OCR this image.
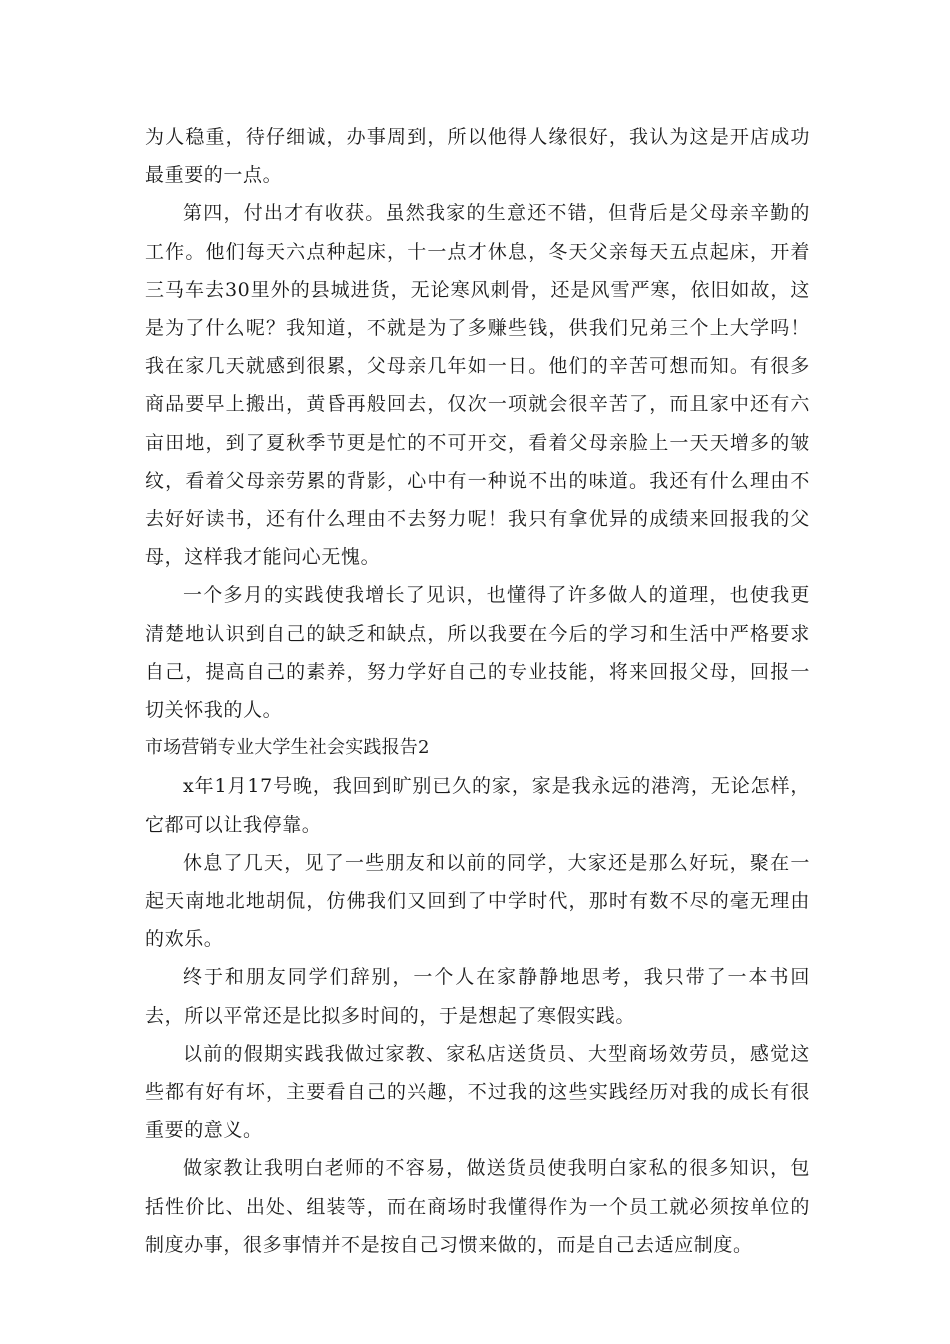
为人稳重，待仔细诚，办事周到，所以他得人缘很好，我认为这是开店成功最重要的一点。

第四，付出才有收获。虽然我家的生意还不错，但背后是父母亲辛勤的工作。他们每天六点种起床，十一点才休息，冬天父亲每天五点起床，开着三马车去30里外的县城进货，无论寒风刺骨，还是风雪严寒，依旧如故，这是为了什么呢？我知道，不就是为了多赚些钱，供我们兄弟三个上大学吗！我在家几天就感到很累，父母亲几年如一日。他们的辛苦可想而知。有很多商品要早上搬出，黄昏再般回去，仅次一项就会很辛苦了，而且家中还有六亩田地，到了夏秋季节更是忙的不可开交，看着父母亲脸上一天天增多的皱纹，看着父母亲劳累的背影，心中有一种说不出的味道。我还有什么理由不去好好读书，还有什么理由不去努力呢！我只有拿优异的成绩来回报我的父母，这样我才能问心无愧。

一个多月的实践使我增长了见识，也懂得了许多做人的道理，也使我更清楚地认识到自己的缺乏和缺点，所以我要在今后的学习和生活中严格要求自己，提高自己的素养，努力学好自己的专业技能，将来回报父母，回报一切关怀我的人。

市场营销专业大学生社会实践报告2

x年1月17号晚，我回到旷别已久的家，家是我永远的港湾，无论怎样，它都可以让我停靠。

休息了几天，见了一些朋友和以前的同学，大家还是那么好玩，聚在一起天南地北地胡侃，仿佛我们又回到了中学时代，那时有数不尽的毫无理由的欢乐。

终于和朋友同学们辞别，一个人在家静静地思考，我只带了一本书回去，所以平常还是比拟多时间的，于是想起了寒假实践。

以前的假期实践我做过家教、家私店送货员、大型商场效劳员，感觉这些都有好有坏，主要看自己的兴趣，不过我的这些实践经历对我的成长有很重要的意义。

做家教让我明白老师的不容易，做送货员使我明白家私的很多知识，包括性价比、出处、组装等，而在商场时我懂得作为一个员工就必须按单位的制度办事，很多事情并不是按自己习惯来做的，而是自己去适应制度。
